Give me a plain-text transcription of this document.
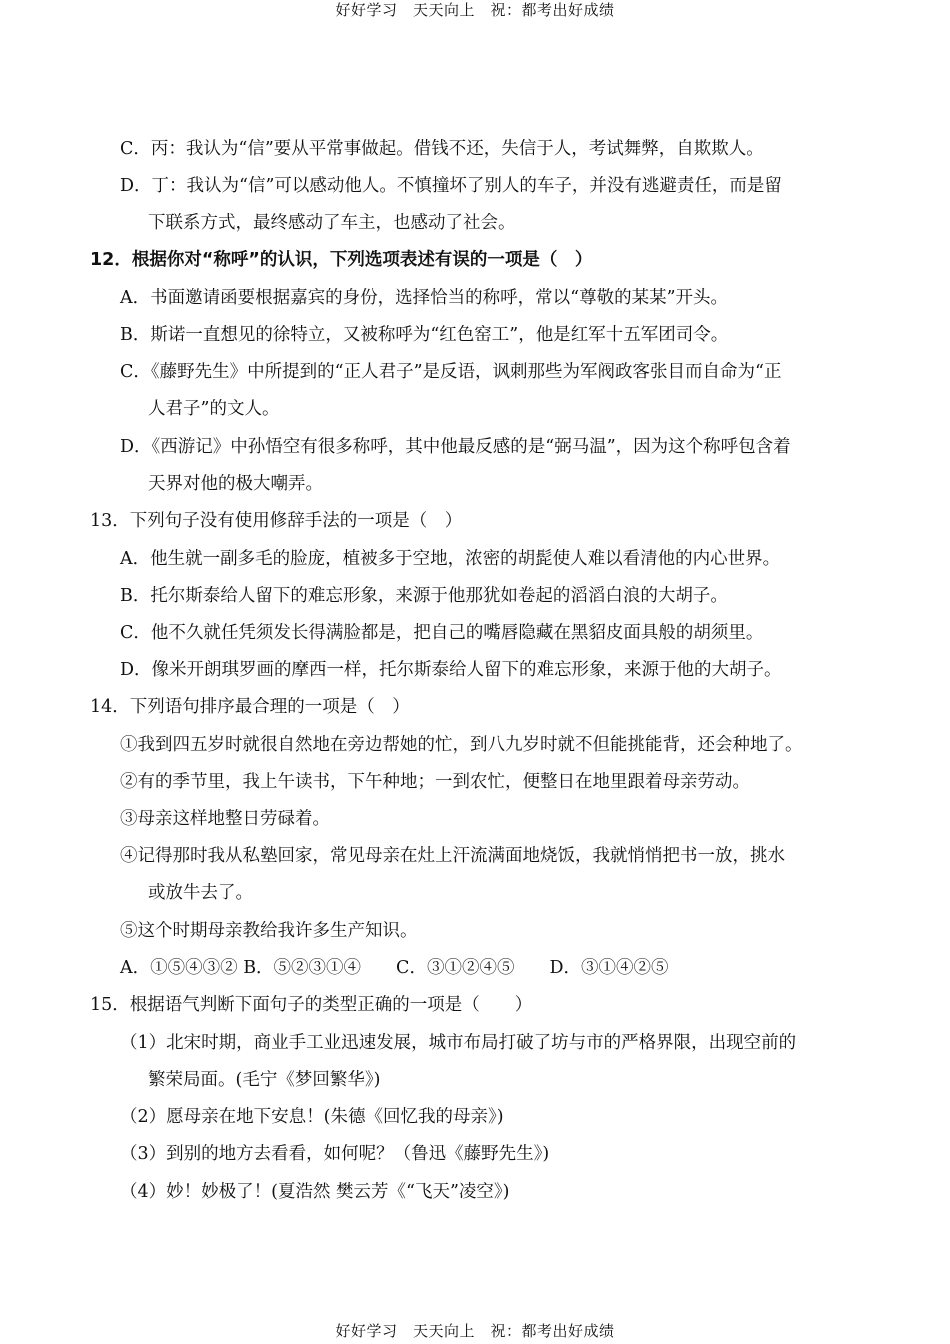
好好学习　天天向上　祝：都考出好成绩
C．丙：我认为“信”要从平常事做起。借钱不还，失信于人，考试舞弊，自欺欺人。
D．丁：我认为“信”可以感动他人。不慎撞坏了别人的车子，并没有逃避责任，而是留
下联系方式，最终感动了车主，也感动了社会。
12．根据你对“称呼”的认识，下列选项表述有误的一项是（　）
A．书面邀请函要根据嘉宾的身份，选择恰当的称呼，常以“尊敬的某某”开头。
B．斯诺一直想见的徐特立，又被称呼为“红色窑工”，他是红军十五军团司令。
C．《藤野先生》中所提到的“正人君子”是反语，讽刺那些为军阀政客张目而自命为“正
人君子”的文人。
D．《西游记》中孙悟空有很多称呼，其中他最反感的是“弼马温”，因为这个称呼包含着
天界对他的极大嘲弄。
13．下列句子没有使用修辞手法的一项是（　）
A．他生就一副多毛的脸庞，植被多于空地，浓密的胡髭使人难以看清他的内心世界。
B．托尔斯泰给人留下的难忘形象，来源于他那犹如卷起的滔滔白浪的大胡子。
C．他不久就任凭须发长得满脸都是，把自己的嘴唇隐藏在黑貂皮面具般的胡须里。
D．像米开朗琪罗画的摩西一样，托尔斯泰给人留下的难忘形象，来源于他的大胡子。
14．下列语句排序最合理的一项是（　）
①我到四五岁时就很自然地在旁边帮她的忙，到八九岁时就不但能挑能背，还会种地了。
②有的季节里，我上午读书，下午种地；一到农忙，便整日在地里跟着母亲劳动。
③母亲这样地整日劳碌着。
④记得那时我从私塾回家，常见母亲在灶上汗流满面地烧饭，我就悄悄把书一放，挑水
或放牛去了。
⑤这个时期母亲教给我许多生产知识。
A．①⑤④③② B．⑤②③①④　　C．③①②④⑤　　D．③①④②⑤
15．根据语气判断下面句子的类型正确的一项是（　　）
（1）北宋时期，商业手工业迅速发展，城市布局打破了坊与市的严格界限，出现空前的
繁荣局面。(毛宁《梦回繁华》)
（2）愿母亲在地下安息！(朱德《回忆我的母亲》)
（3）到别的地方去看看，如何呢？（鲁迅《藤野先生》)
（4）妙！妙极了！(夏浩然 樊云芳《“飞天”凌空》)
好好学习　天天向上　祝：都考出好成绩
